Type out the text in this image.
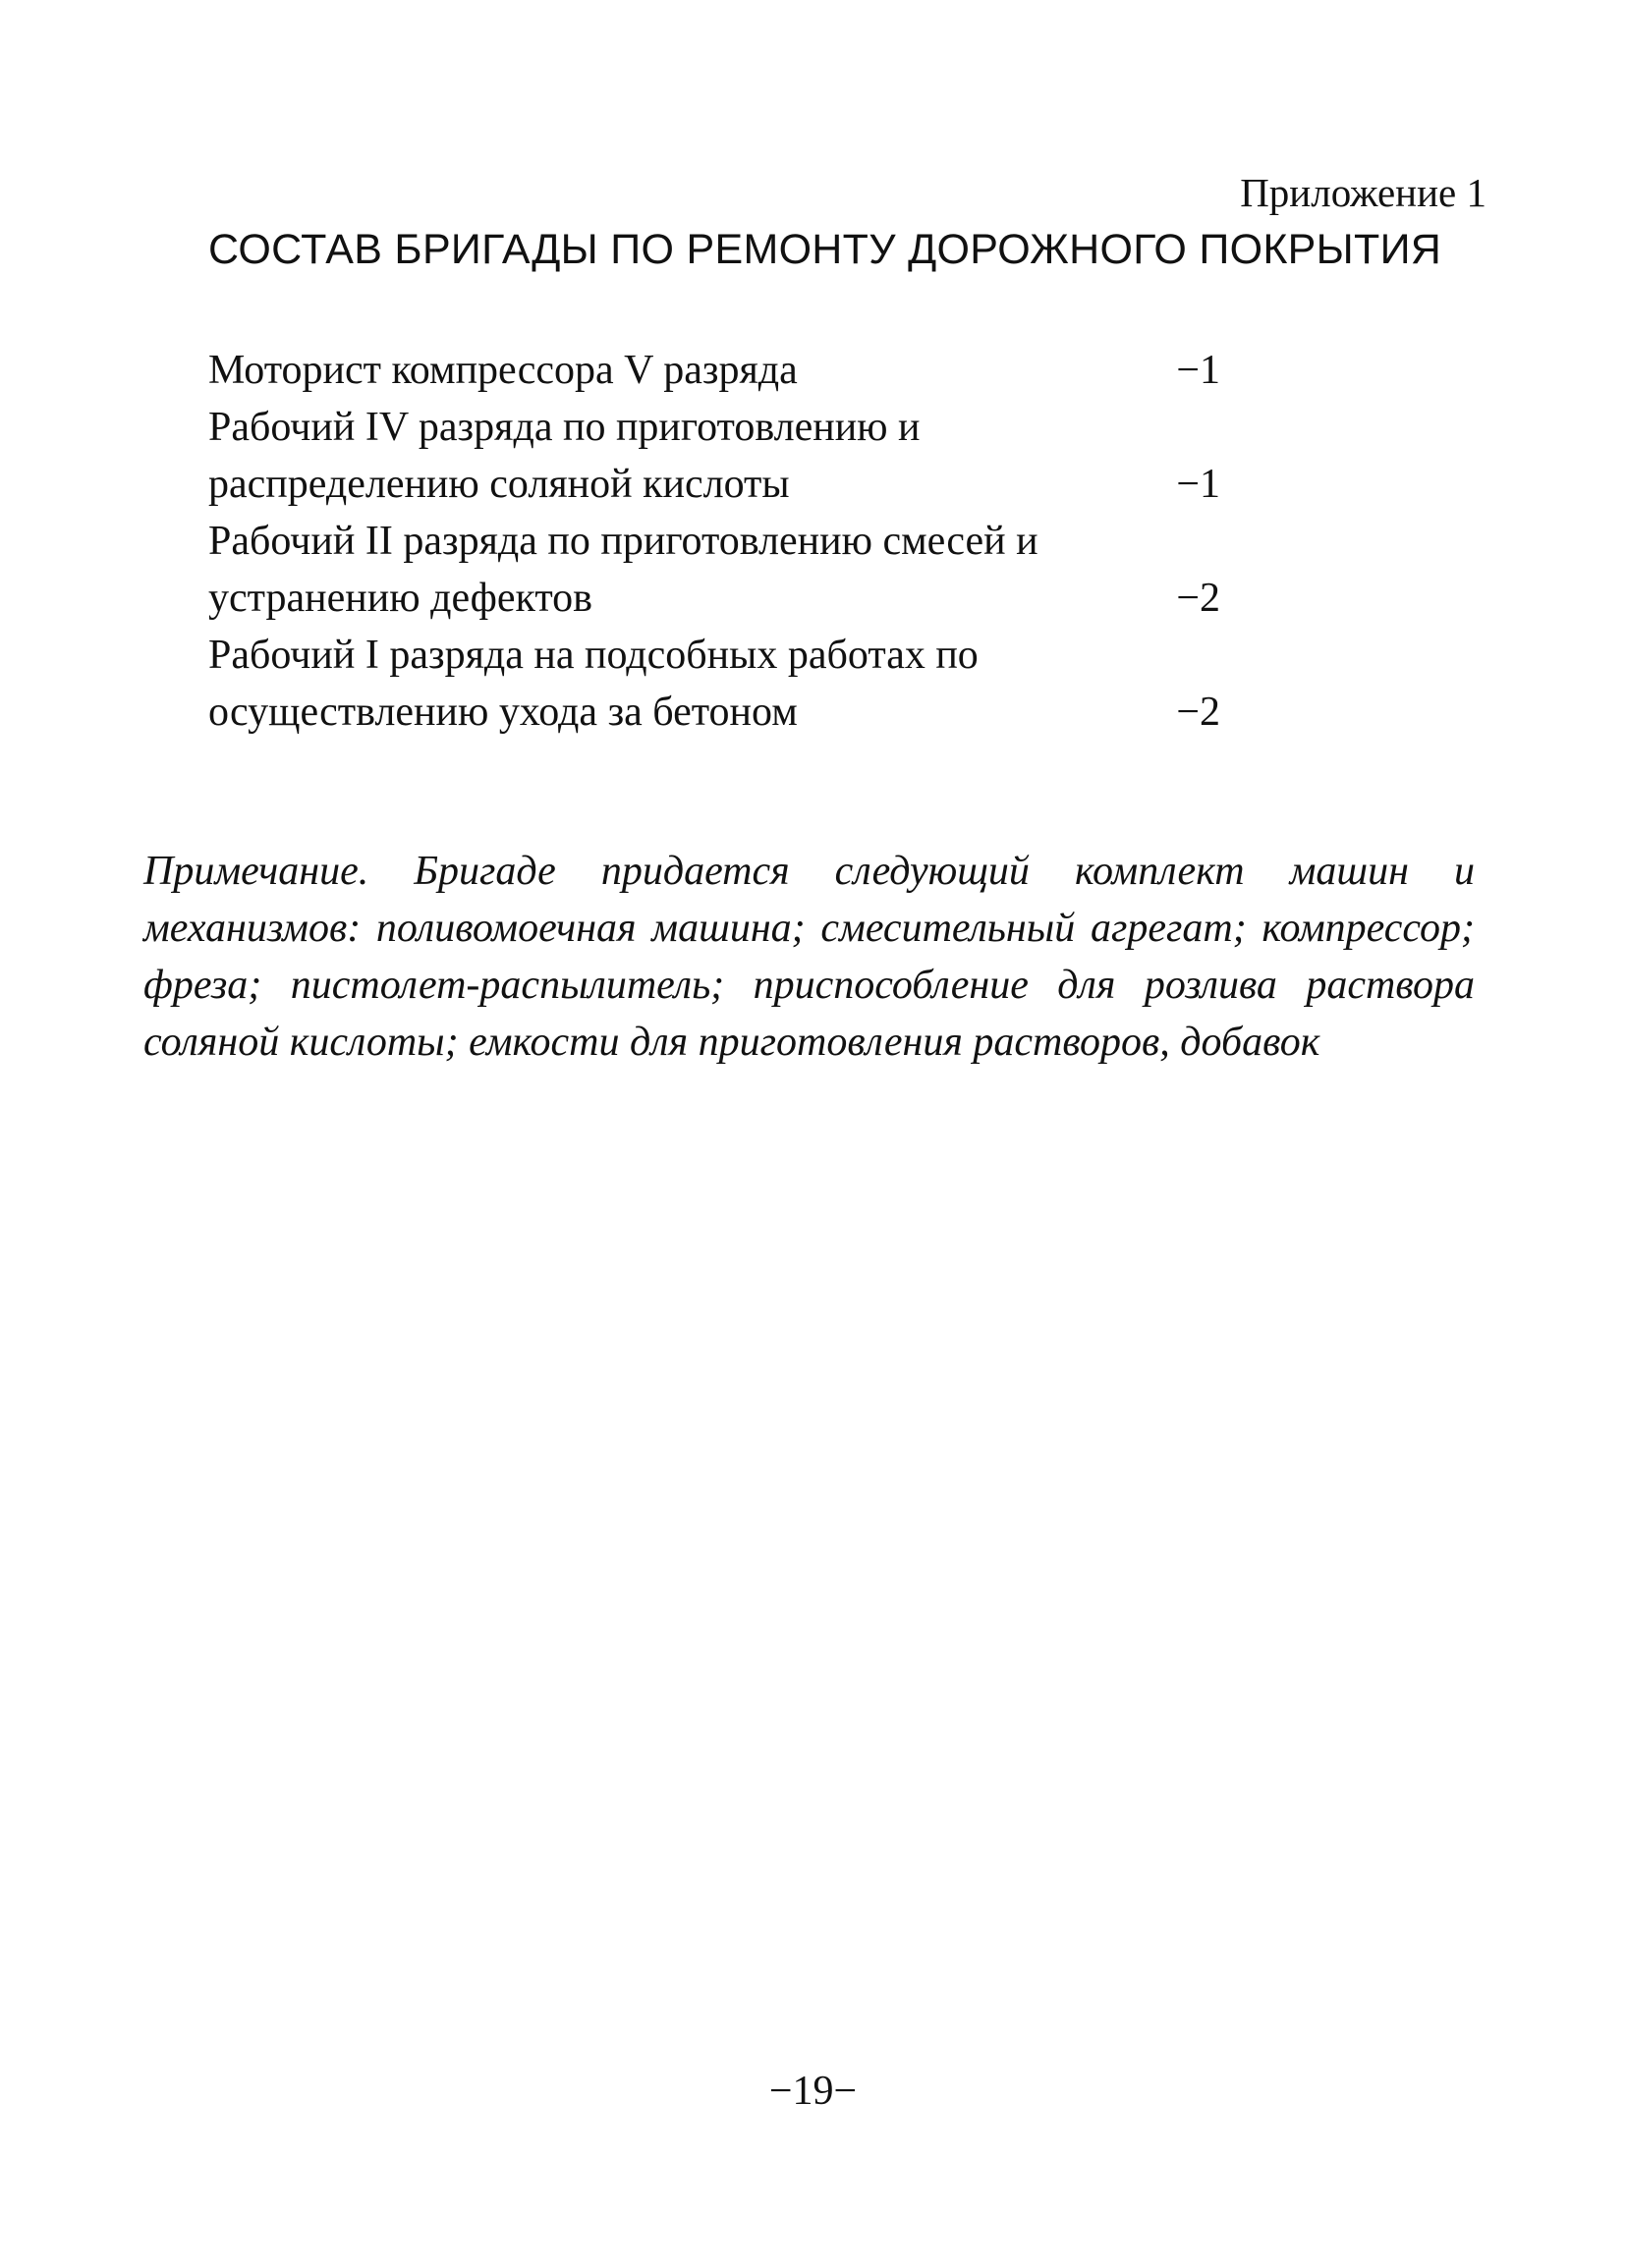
Приложение 1
СОСТАВ БРИГАДЫ ПО РЕМОНТУ ДОРОЖНОГО ПОКРЫТИЯ
Моторист компрессора V разряда	−1
Рабочий IV разряда по приготовлению и
распределению соляной кислоты	−1
Рабочий II разряда по приготовлению смесей и
устранению дефектов	−2
Рабочий I разряда на подсобных работах по
осуществлению ухода за бетоном	−2
Примечание. Бригаде придается следующий комплект машин и механизмов: поливомоечная машина; смесительный агрегат; компрессор; фреза; пистолет-распылитель; приспособление для розлива раствора соляной кислоты; емкости для приготовления растворов, добавок
−19−
